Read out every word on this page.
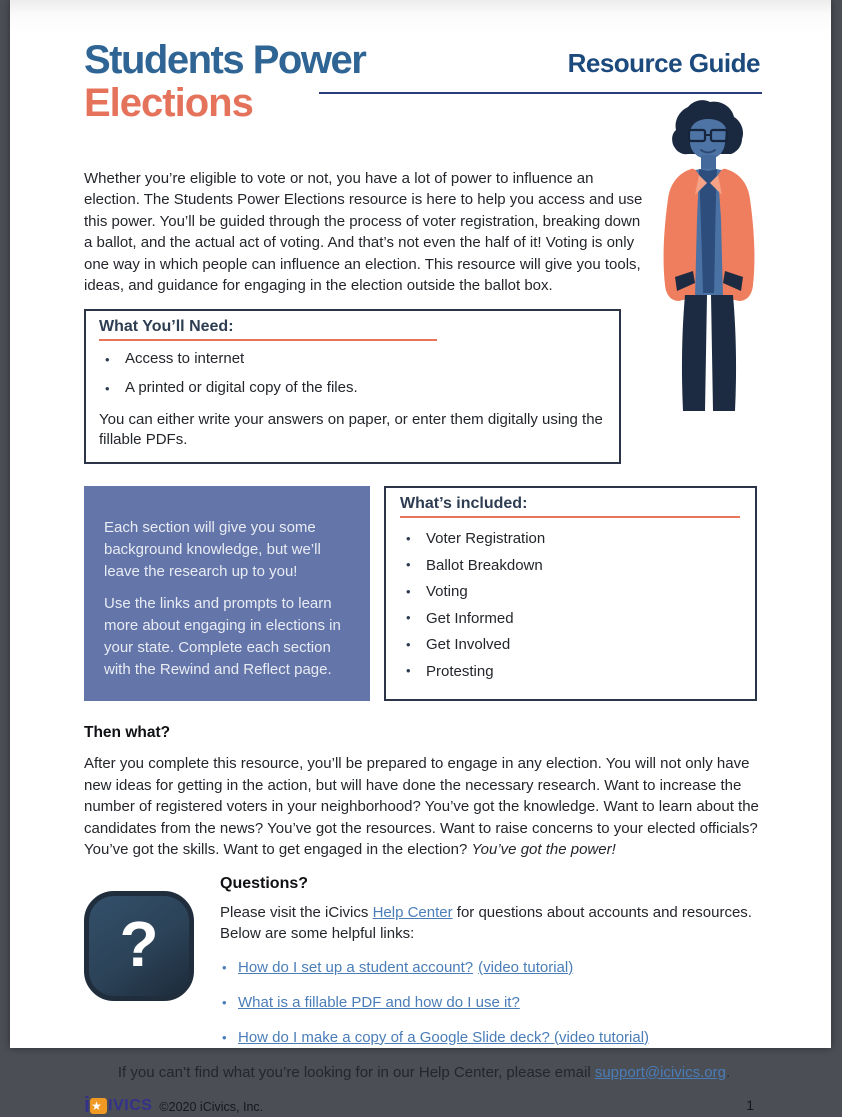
Students Power
Elections
Resource Guide

Whether you’re eligible to vote or not, you have a lot of power to influence an election. The Students Power Elections resource is here to help you access and use this power. You’ll be guided through the process of voter registration, breaking down a ballot, and the actual act of voting. And that’s not even the half of it! Voting is only one way in which people can influence an election. This resource will give you tools, ideas, and guidance for engaging in the election outside the ballot box.

What You’ll Need:
•	Access to internet
•	A printed or digital copy of the files.

You can either write your answers on paper, or enter them digitally using the fillable PDFs.

Each section will give you some background knowledge, but we’ll leave the research up to you!

Use the links and prompts to learn more about engaging in elections in your state. Complete each section with the Rewind and Reflect page.

What’s included:
•	Voter Registration
•	Ballot Breakdown
•	Voting
•	Get Informed
•	Get Involved
•	Protesting
Then what?

After you complete this resource, you’ll be prepared to engage in any election. You will not only have new ideas for getting in the action, but will have done the necessary research. Want to increase the number of registered voters in your neighborhood? You’ve got the knowledge. Want to learn about the candidates from the news? You’ve got the resources. Want to raise concerns to your elected officials? You’ve got the skills. Want to get engaged in the election? You’ve got the power!

?
Questions?

Please visit the iCivics Help Center for questions about accounts and resources. Below are some helpful links:

• How do I set up a student account? (video tutorial)
• What is a fillable PDF and how do I use it?
• How do I make a copy of a Google Slide deck? (video tutorial)

If you can’t find what you’re looking for in our Help Center, please email support@icivics.org.

i ★ IVICS ©2020 iCivics, Inc.	1
